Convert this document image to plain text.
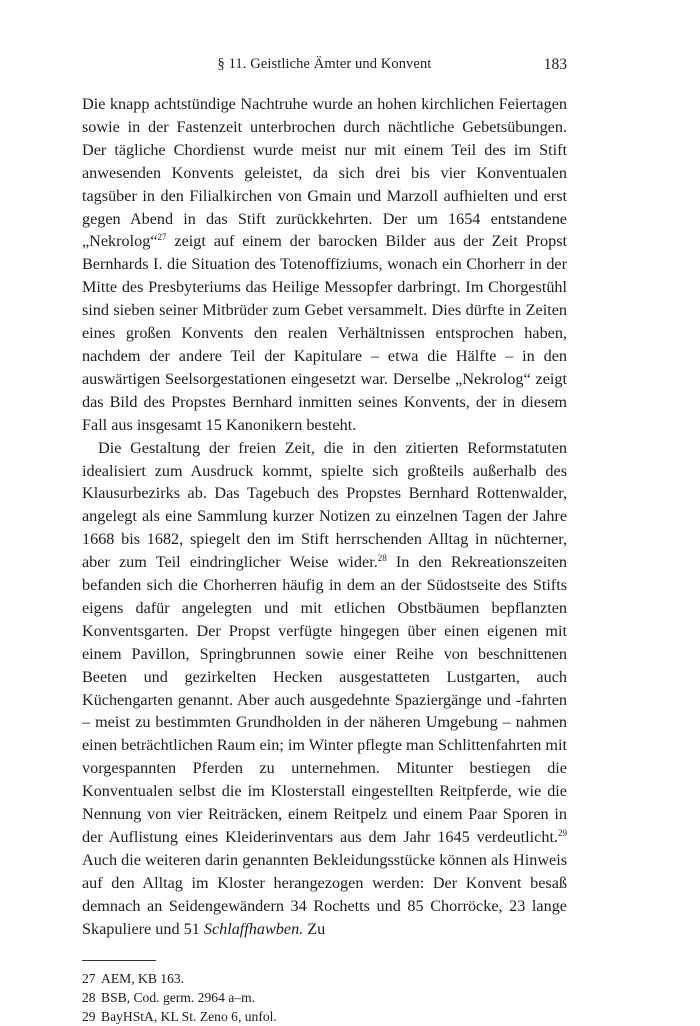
§ 11. Geistliche Ämter und Konvent	183

Die knapp achtstündige Nachtruhe wurde an hohen kirchlichen Feiertagen sowie in der Fastenzeit unterbrochen durch nächtliche Gebetsübungen. Der tägliche Chordienst wurde meist nur mit einem Teil des im Stift anwesenden Konvents geleistet, da sich drei bis vier Konventualen tagsüber in den Filialkirchen von Gmain und Marzoll aufhielten und erst gegen Abend in das Stift zurückkehrten. Der um 1654 entstandene „Nekrolog“$^{27}$ zeigt auf einem der barocken Bilder aus der Zeit Propst Bernhards I. die Situation des Totenoffiziums, wonach ein Chorherr in der Mitte des Presbyteriums das Heilige Messopfer darbringt. Im Chorgestühl sind sieben seiner Mitbrüder zum Gebet versammelt. Dies dürfte in Zeiten eines großen Konvents den realen Verhältnissen entsprochen haben, nachdem der andere Teil der Kapitulare – etwa die Hälfte – in den auswärtigen Seelsorgestationen eingesetzt war. Derselbe „Nekrolog“ zeigt das Bild des Propstes Bernhard inmitten seines Konvents, der in diesem Fall aus insgesamt 15 Kanonikern besteht.

Die Gestaltung der freien Zeit, die in den zitierten Reformstatuten idealisiert zum Ausdruck kommt, spielte sich großteils außerhalb des Klausurbezirks ab. Das Tagebuch des Propstes Bernhard Rottenwalder, angelegt als eine Sammlung kurzer Notizen zu einzelnen Tagen der Jahre 1668 bis 1682, spiegelt den im Stift herrschenden Alltag in nüchterner, aber zum Teil eindringlicher Weise wider.$^{28}$ In den Rekreationszeiten befanden sich die Chorherren häufig in dem an der Südostseite des Stifts eigens dafür angelegten und mit etlichen Obstbäumen bepflanzten Konventsgarten. Der Propst verfügte hingegen über einen eigenen mit einem Pavillon, Springbrunnen sowie einer Reihe von beschnittenen Beeten und gezirkelten Hecken ausgestatteten Lustgarten, auch Küchengarten genannt. Aber auch ausgedehnte Spaziergänge und -fahrten – meist zu bestimmten Grundholden in der näheren Umgebung – nahmen einen beträchtlichen Raum ein; im Winter pflegte man Schlittenfahrten mit vorgespannten Pferden zu unternehmen. Mitunter bestiegen die Konventualen selbst die im Klosterstall eingestellten Reitpferde, wie die Nennung von vier Reiträcken, einem Reitpelz und einem Paar Sporen in der Auflistung eines Kleiderinventars aus dem Jahr 1645 verdeutlicht.$^{29}$ Auch die weiteren darin genannten Bekleidungsstücke können als Hinweis auf den Alltag im Kloster herangezogen werden: Der Konvent besaß demnach an Seidengewändern 34 Rochetts und 85 Chorröcke, 23 lange Skapuliere und 51 Schlaffhawben. Zu

27 AEM, KB 163.
28 BSB, Cod. germ. 2964 a–m.
29 BayHStA, KL St. Zeno 6, unfol.
